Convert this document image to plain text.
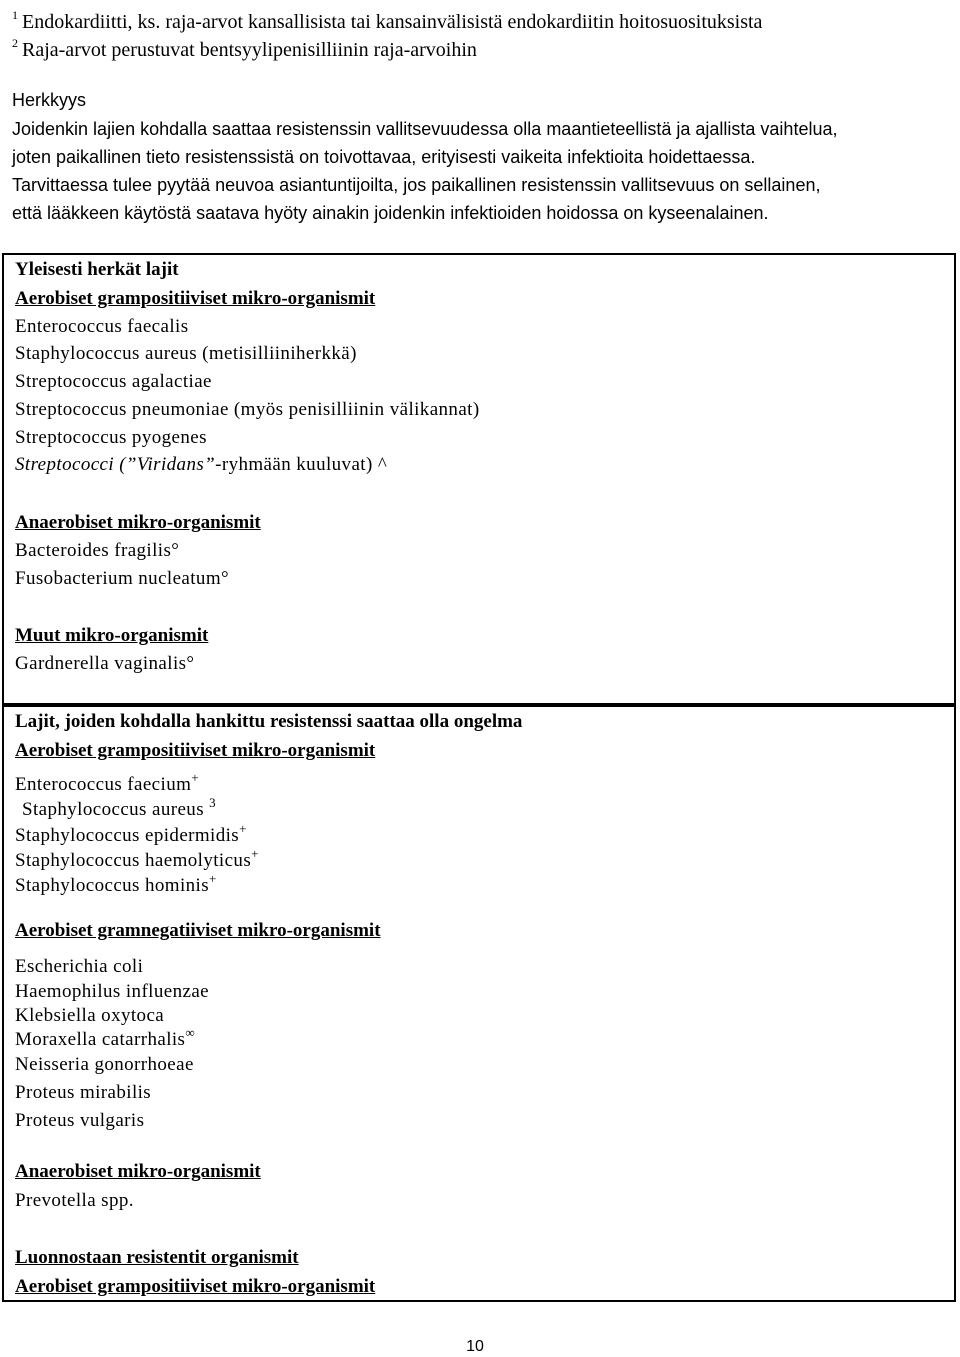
$^1$ Endokardiitti, ks. raja-arvot kansallisista tai kansainvälisistä endokardiitin hoitosuosituksista
$^2$ Raja-arvot perustuvat bentsyylipenisilliinin raja-arvoihin
Herkkyys
Joidenkin lajien kohdalla saattaa resistenssin vallitsevuudessa olla maantieteellistä ja ajallista vaihtelua,
joten paikallinen tieto resistenssistä on toivottavaa, erityisesti vaikeita infektioita hoidettaessa.
Tarvittaessa tulee pyytää neuvoa asiantuntijoilta, jos paikallinen resistenssin vallitsevuus on sellainen,
että lääkkeen käytöstä saatava hyöty ainakin joidenkin infektioiden hoidossa on kyseenalainen.
Yleisesti herkät lajit
Aerobiset grampositiiviset mikro-organismit
Enterococcus faecalis
Staphylococcus aureus (metisilliiniherkkä)
Streptococcus agalactiae
Streptococcus pneumoniae (myös penisilliinin välikannat)
Streptococcus pyogenes
Streptococci (”Viridans”-ryhmään kuuluvat) ^
Anaerobiset mikro-organismit
Bacteroides fragilis°
Fusobacterium nucleatum°
Muut mikro-organismit
Gardnerella vaginalis°
Lajit, joiden kohdalla hankittu resistenssi saattaa olla ongelma
Aerobiset grampositiiviset mikro-organismit
Enterococcus faecium+
Staphylococcus aureus $^3$
Staphylococcus epidermidis+
Staphylococcus haemolyticus+
Staphylococcus hominis+
Aerobiset gramnegatiiviset mikro-organismit
Escherichia coli
Haemophilus influenzae
Klebsiella oxytoca
Moraxella catarrhalis∞
Neisseria gonorrhoeae
Proteus mirabilis
Proteus vulgaris
Anaerobiset mikro-organismit
Prevotella spp.
Luonnostaan resistentit organismit
Aerobiset grampositiiviset mikro-organismit
10
